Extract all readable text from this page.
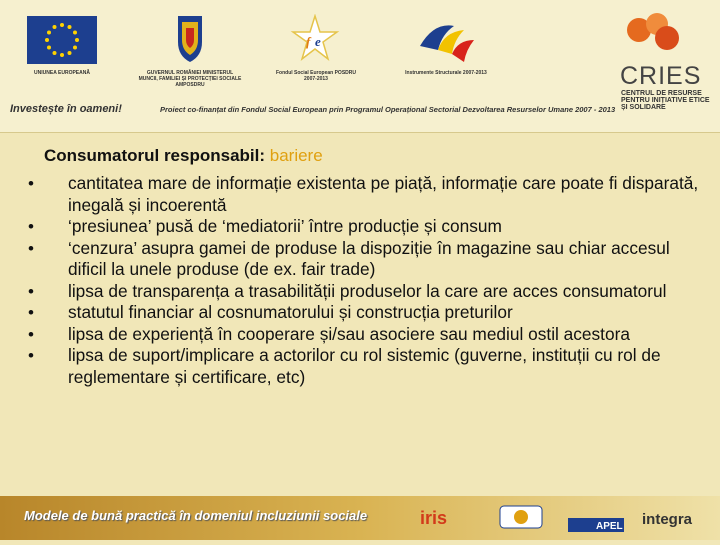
UNIUNEA EUROPEANĂ	GUVERNUL ROMÂNIEI MINISTERUL MUNCII, FAMILIEI ȘI PROTECȚIEI SOCIALE AMPOSDRU
f e
Fondul Social European POSDRU 2007-2013
Instrumente Structurale 2007-2013	CRIES
CENTRUL DE RESURSE PENTRU INIȚIATIVE ETICE ȘI SOLIDARE
Investește în oameni!	Proiect co-finanțat din Fondul Social European prin Programul Operațional Sectorial Dezvoltarea Resurselor Umane 2007 - 2013
Consumatorul responsabil: bariere
• cantitatea mare de informație existenta pe piață, informație care poate fi disparată, inegală și incoerentă
• ‘presiunea’ pusă de ‘mediatorii’ între producție și consum
• ‘cenzura’ asupra gamei de produse la dispoziție în magazine sau chiar accesul dificil la unele produse (de ex. fair trade)
• lipsa de transparența a trasabilității produselor la care are acces consumatorul
• statutul financiar al cosnumatorului și construcția preturilor
• lipsa de experiență în cooperare și/sau asociere sau mediul ostil acestora
• lipsa de suport/implicare a actorilor cu rol sistemic (guverne, instituții cu rol de reglementare și certificare, etc)
Modele de bună practică în domeniul incluziunii sociale	iris	APEL integra
